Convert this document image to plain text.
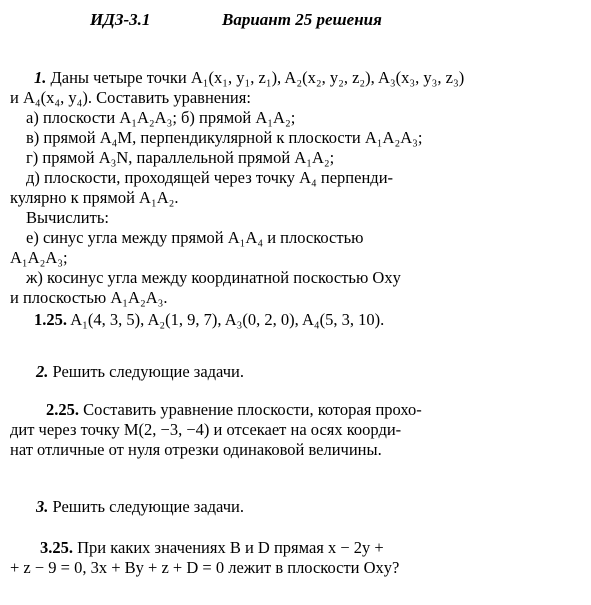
ИДЗ-3.1	Вариант 25 решения
1. Даны четыре точки A₁(x₁, y₁, z₁), A₂(x₂, y₂, z₂), A₃(x₃, y₃, z₃)
и A₄(x₄, y₄). Составить уравнения:
а) плоскости A₁A₂A₃; б) прямой A₁A₂;
в) прямой A₄M, перпендикулярной к плоскости A₁A₂A₃;
г) прямой A₃N, параллельной прямой A₁A₂;
д) плоскости, проходящей через точку A₄ перпенди-
кулярно к прямой A₁A₂.
Вычислить:
е) синус угла между прямой A₁A₄ и плоскостью
A₁A₂A₃;
ж) косинус угла между координатной поскостью Oxy
и плоскостью A₁A₂A₃.
1.25. A₁(4, 3, 5), A₂(1, 9, 7), A₃(0, 2, 0), A₄(5, 3, 10).
2. Решить следующие задачи.
2.25. Составить уравнение плоскости, которая прохо-
дит через точку M(2, −3, −4) и отсекает на осях коорди-
нат отличные от нуля отрезки одинаковой величины.
3. Решить следующие задачи.
3.25. При каких значениях B и D прямая x − 2y +
+ z − 9 = 0, 3x + By + z + D = 0 лежит в плоскости Oxy?
